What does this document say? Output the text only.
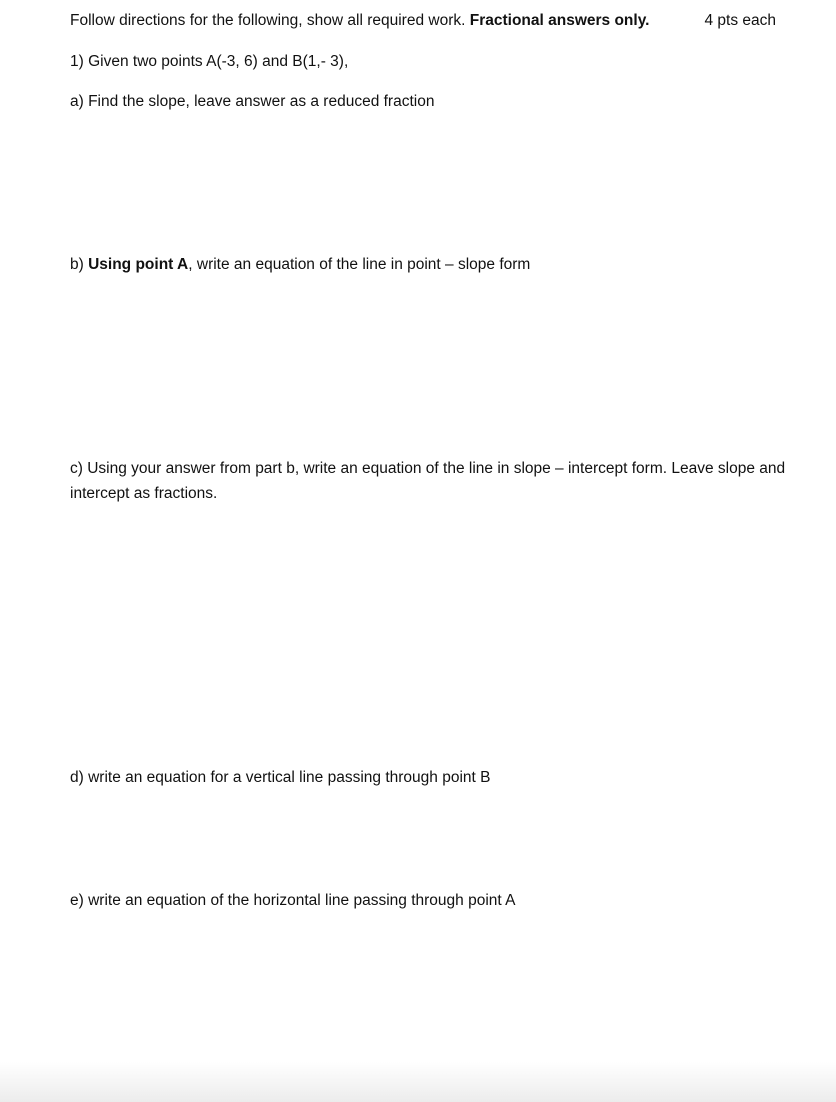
Follow directions for the following, show all required work. Fractional answers only.	4 pts each
1) Given two points A(-3, 6) and B(1,- 3),
a) Find the slope, leave answer as a reduced fraction
b) Using point A, write an equation of the line in point – slope form
c) Using your answer from part b, write an equation of the line in slope – intercept form. Leave slope and intercept as fractions.
d) write an equation for a vertical line passing through point B
e) write an equation of the horizontal line passing through point A
